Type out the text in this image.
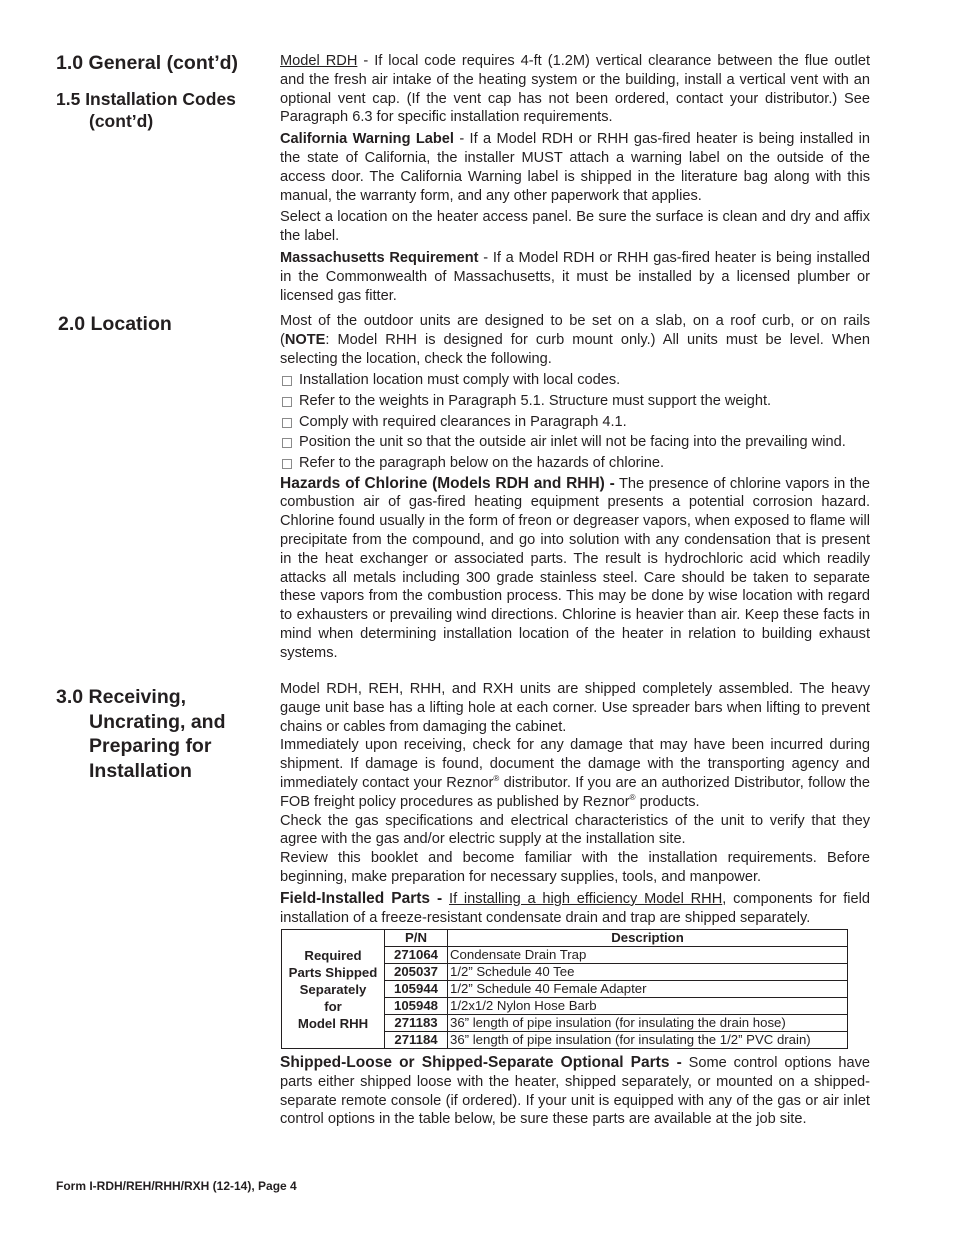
1.0 General (cont’d)
1.5 Installation Codes
(cont’d)
2.0 Location
3.0 Receiving,
Uncrating, and
Preparing for
Installation

Model RDH - If local code requires 4-ft (1.2M) vertical clearance between the flue outlet and the fresh air intake of the heating system or the building, install a vertical vent with an optional vent cap. (If the vent cap has not been ordered, contact your distributor.) See Paragraph 6.3 for specific installation requirements.

California Warning Label - If a Model RDH or RHH gas-fired heater is being installed in the state of California, the installer MUST attach a warning label on the outside of the access door. The California Warning label is shipped in the literature bag along with this manual, the warranty form, and any other paperwork that applies.

Select a location on the heater access panel. Be sure the surface is clean and dry and affix the label.

Massachusetts Requirement - If a Model RDH or RHH gas-fired heater is being installed in the Commonwealth of Massachusetts, it must be installed by a licensed plumber or licensed gas fitter.

Most of the outdoor units are designed to be set on a slab, on a roof curb, or on rails (NOTE: Model RHH is designed for curb mount only.) All units must be level. When selecting the location, check the following.

Installation location must comply with local codes.
Refer to the weights in Paragraph 5.1. Structure must support the weight.
Comply with required clearances in Paragraph 4.1.
Position the unit so that the outside air inlet will not be facing into the prevailing wind.
Refer to the paragraph below on the hazards of chlorine.

Hazards of Chlorine (Models RDH and RHH) - The presence of chlorine vapors in the combustion air of gas-fired heating equipment presents a potential corrosion hazard. Chlorine found usually in the form of freon or degreaser vapors, when exposed to flame will precipitate from the compound, and go into solution with any condensation that is present in the heat exchanger or associated parts. The result is hydrochloric acid which readily attacks all metals including 300 grade stainless steel. Care should be taken to separate these vapors from the combustion process. This may be done by wise location with regard to exhausters or prevailing wind directions. Chlorine is heavier than air. Keep these facts in mind when determining installation location of the heater in relation to building exhaust systems.

Model RDH, REH, RHH, and RXH units are shipped completely assembled. The heavy gauge unit base has a lifting hole at each corner. Use spreader bars when lifting to prevent chains or cables from damaging the cabinet.

Immediately upon receiving, check for any damage that may have been incurred during shipment. If damage is found, document the damage with the transporting agency and immediately contact your Reznor® distributor. If you are an authorized Distributor, follow the FOB freight policy procedures as published by Reznor® products.

Check the gas specifications and electrical characteristics of the unit to verify that they agree with the gas and/or electric supply at the installation site.

Review this booklet and become familiar with the installation requirements. Before beginning, make preparation for necessary supplies, tools, and manpower.

Field-Installed Parts - If installing a high efficiency Model RHH, components for field installation of a freeze-resistant condensate drain and trap are shipped separately.

Required
Parts Shipped
Separately
for
Model RHH	P/N	Description
	271064	Condensate Drain Trap
	205037	1/2” Schedule 40 Tee
	105944	1/2” Schedule 40 Female Adapter
	105948	1/2x1/2 Nylon Hose Barb
	271183	36” length of pipe insulation (for insulating the drain hose)
	271184	36” length of pipe insulation (for insulating the 1/2” PVC drain)

Shipped-Loose or Shipped-Separate Optional Parts - Some control options have parts either shipped loose with the heater, shipped separately, or mounted on a shipped-separate remote console (if ordered). If your unit is equipped with any of the gas or air inlet control options in the table below, be sure these parts are available at the job site.

Form I-RDH/REH/RHH/RXH (12-14), Page 4
